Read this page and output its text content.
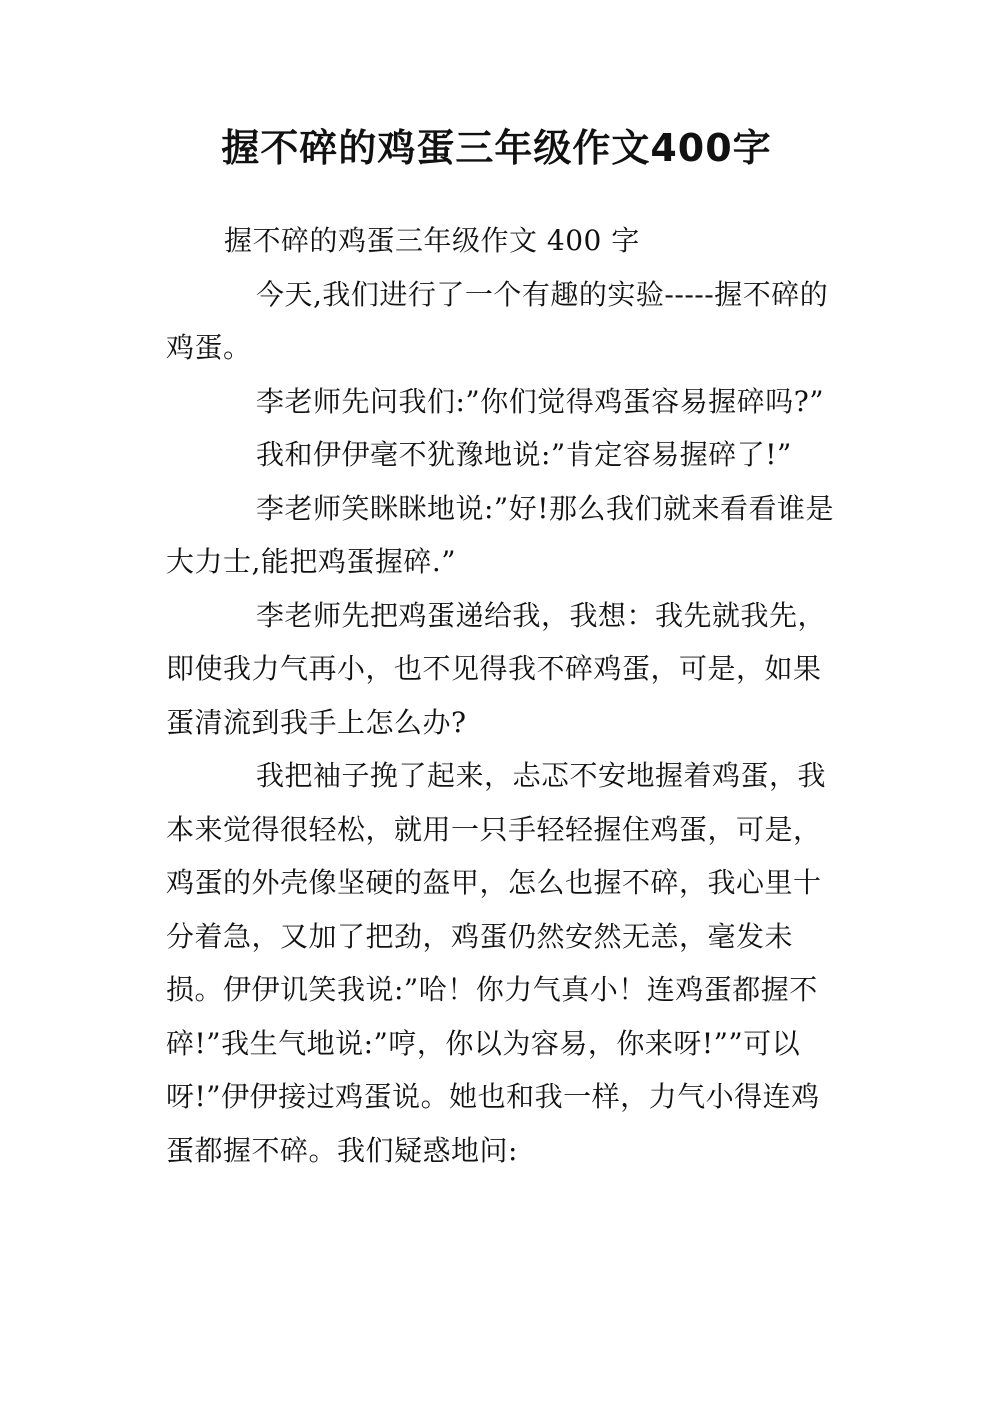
握不碎的鸡蛋三年级作文400字

握不碎的鸡蛋三年级作文 400 字

今天,我们进行了一个有趣的实验-----握不碎的鸡蛋。

李老师先问我们:”你们觉得鸡蛋容易握碎吗?”

我和伊伊毫不犹豫地说:”肯定容易握碎了!”

李老师笑眯眯地说:”好!那么我们就来看看谁是大力士,能把鸡蛋握碎.”

李老师先把鸡蛋递给我，我想：我先就我先，即使我力气再小，也不见得我不碎鸡蛋，可是，如果蛋清流到我手上怎么办?

我把袖子挽了起来，忐忑不安地握着鸡蛋，我本来觉得很轻松，就用一只手轻轻握住鸡蛋，可是，鸡蛋的外壳像坚硬的盔甲，怎么也握不碎，我心里十分着急，又加了把劲，鸡蛋仍然安然无恙，毫发未损。伊伊讥笑我说:”哈！你力气真小！连鸡蛋都握不碎!”我生气地说:”哼，你以为容易，你来呀!””可以呀!”伊伊接过鸡蛋说。她也和我一样，力气小得连鸡蛋都握不碎。我们疑惑地问:
